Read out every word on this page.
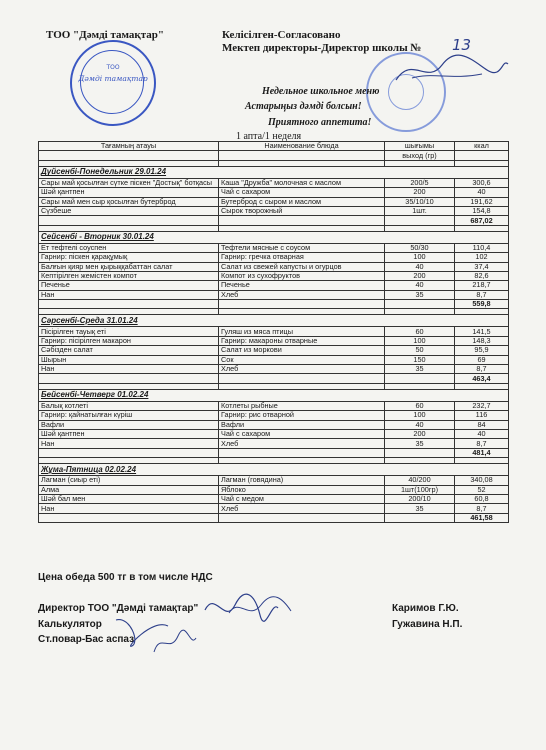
ТОО "Дәмді тамақтар"	Келісілген-Согласовано
Мектеп директоры-Директор школы № 13
ТОО
Дәмді тамақтар
Недельное школьное меню
Астарыңыз дәмді болсын!
Приятного аппетита!
1 апта/1 неделя
Тағамның атауы	Наименование блюда	шығымы	ккал
		выход (гр)	

Дүйсенбі-Понедельник 29.01.24			
Сары май қосылған сүтке піскен "Достық" ботқасы	Каша "Дружба" молочная с маслом	200/5	300,6
Шәй қантпен	Чай с сахаром	200	40
Сары май мен сыр қосылған бутерброд	Бутерброд с сыром и маслом	35/10/10	191,62
Сүзбеше	Сырок творожный	1шт.	154,8
			687,02

Сейсенбі - Вторник 30.01.24			
Ет тефтелі соуспен	Тефтели мясные с соусом	50/30	110,4
Гарнир: піскен қарақұмық	Гарнир: гречка отварная	100	102
Балғын қияр мен қырыққабаттан салат	Салат из свежей капусты и огурцов	40	37,4
Кептірілген жемістен компот	Компот из сухофруктов	200	82,6
Печенье	Печенье	40	218,7
Нан	Хлеб	35	8,7
			559,8

Сәрсенбі-Среда 31.01.24			
Пісірілген тауық еті	Гуляш из мяса птицы	60	141,5
Гарнир: пісірілген макарон	Гарнир: макароны отварные	100	148,3
Сәбізден салат	Салат из моркови	50	95,9
Шырын	Сок	150	69
Нан	Хлеб	35	8,7
			463,4

Бейсенбі-Четверг 01.02.24			
Балық котлеті	Котлеты рыбные	60	232,7
Гарнир: қайнатылған күріш	Гарнир: рис отварной	100	116
Вафли	Вафли	40	84
Шәй қантпен	Чай с сахаром	200	40
Нан	Хлеб	35	8,7
			481,4

Жұма-Пятница 02.02.24			
Лагман (сиыр еті)	Лагман (говядина)	40/200	340,08
Алма	Яблоко	1шт(100гр)	52
Шәй бал мен	Чай с медом	200/10	60,8
Нан	Хлеб	35	8,7
			461,58
Цена обеда 500 тг в том числе НДС
Директор ТОО "Дәмді тамақтар"
Калькулятор
Ст.повар-Бас аспаз
Каримов Г.Ю.
Гужавина Н.П.
